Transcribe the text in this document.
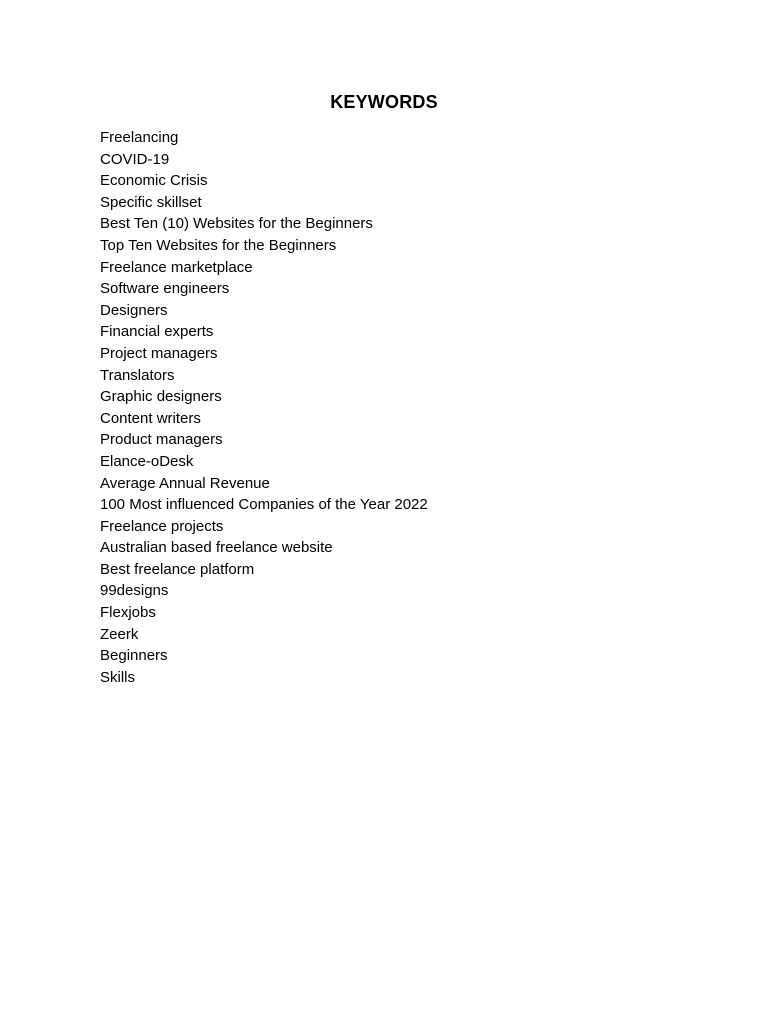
KEYWORDS
Freelancing
COVID-19
Economic Crisis
Specific skillset
Best Ten (10) Websites for the Beginners
Top Ten Websites for the Beginners
Freelance marketplace
Software engineers
Designers
Financial experts
Project managers
Translators
Graphic designers
Content writers
Product managers
Elance-oDesk
Average Annual Revenue
100 Most influenced Companies of the Year 2022
Freelance projects
Australian based freelance website
Best freelance platform
99designs
Flexjobs
Zeerk
Beginners
Skills
